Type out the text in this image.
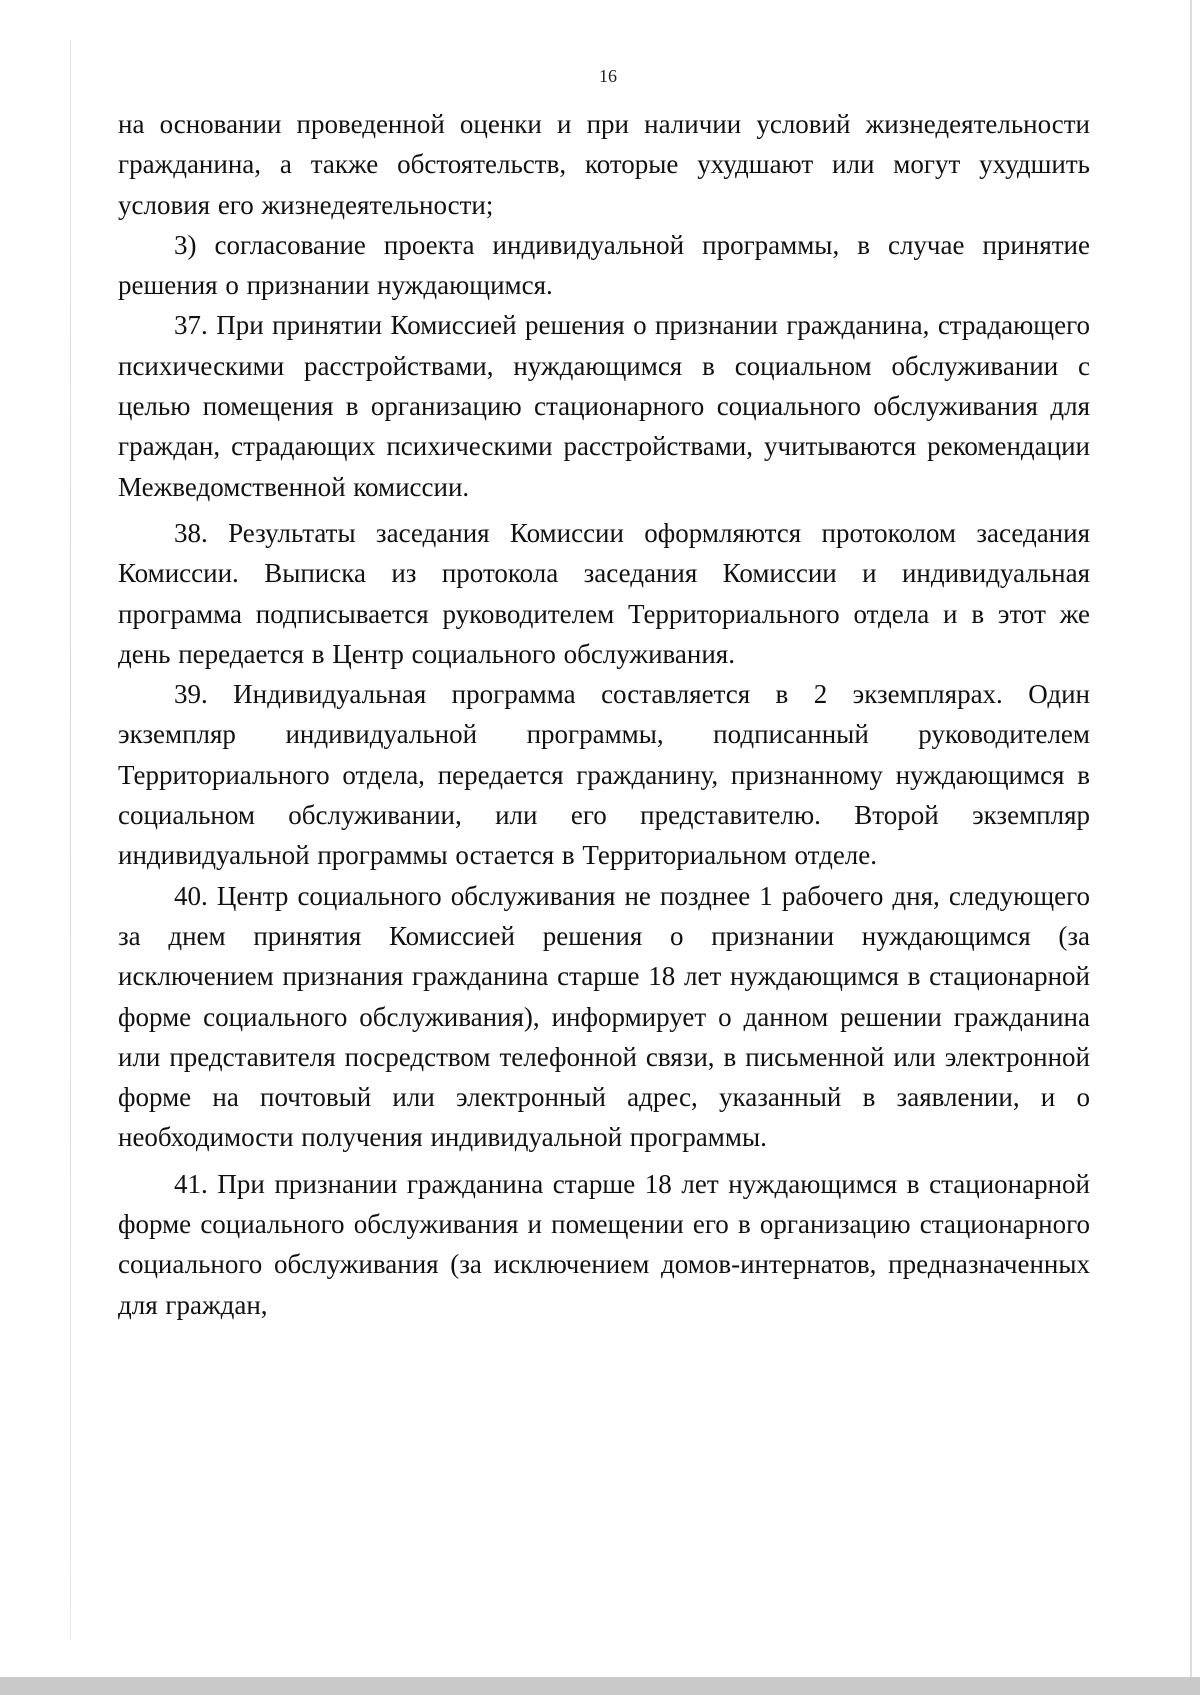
16

на основании проведенной оценки и при наличии условий жизнедеятельности гражданина, а также обстоятельств, которые ухудшают или могут ухудшить условия его жизнедеятельности;

3) согласование проекта индивидуальной программы, в случае принятие решения о признании нуждающимся.

37. При принятии Комиссией решения о признании гражданина, страдающего психическими расстройствами, нуждающимся в социальном обслуживании с целью помещения в организацию стационарного социального обслуживания для граждан, страдающих психическими расстройствами, учитываются рекомендации Межведомственной комиссии.

38. Результаты заседания Комиссии оформляются протоколом заседания Комиссии. Выписка из протокола заседания Комиссии и индивидуальная программа подписывается руководителем Территориального отдела и в этот же день передается в Центр социального обслуживания.

39. Индивидуальная программа составляется в 2 экземплярах. Один экземпляр индивидуальной программы, подписанный руководителем Территориального отдела, передается гражданину, признанному нуждающимся в социальном обслуживании, или его представителю. Второй экземпляр индивидуальной программы остается в Территориальном отделе.

40. Центр социального обслуживания не позднее 1 рабочего дня, следующего за днем принятия Комиссией решения о признании нуждающимся (за исключением признания гражданина старше 18 лет нуждающимся в стационарной форме социального обслуживания), информирует о данном решении гражданина или представителя посредством телефонной связи, в письменной или электронной форме на почтовый или электронный адрес, указанный в заявлении, и о необходимости получения индивидуальной программы.

41. При признании гражданина старше 18 лет нуждающимся в стационарной форме социального обслуживания и помещении его в организацию стационарного социального обслуживания (за исключением домов-интернатов, предназначенных для граждан,
